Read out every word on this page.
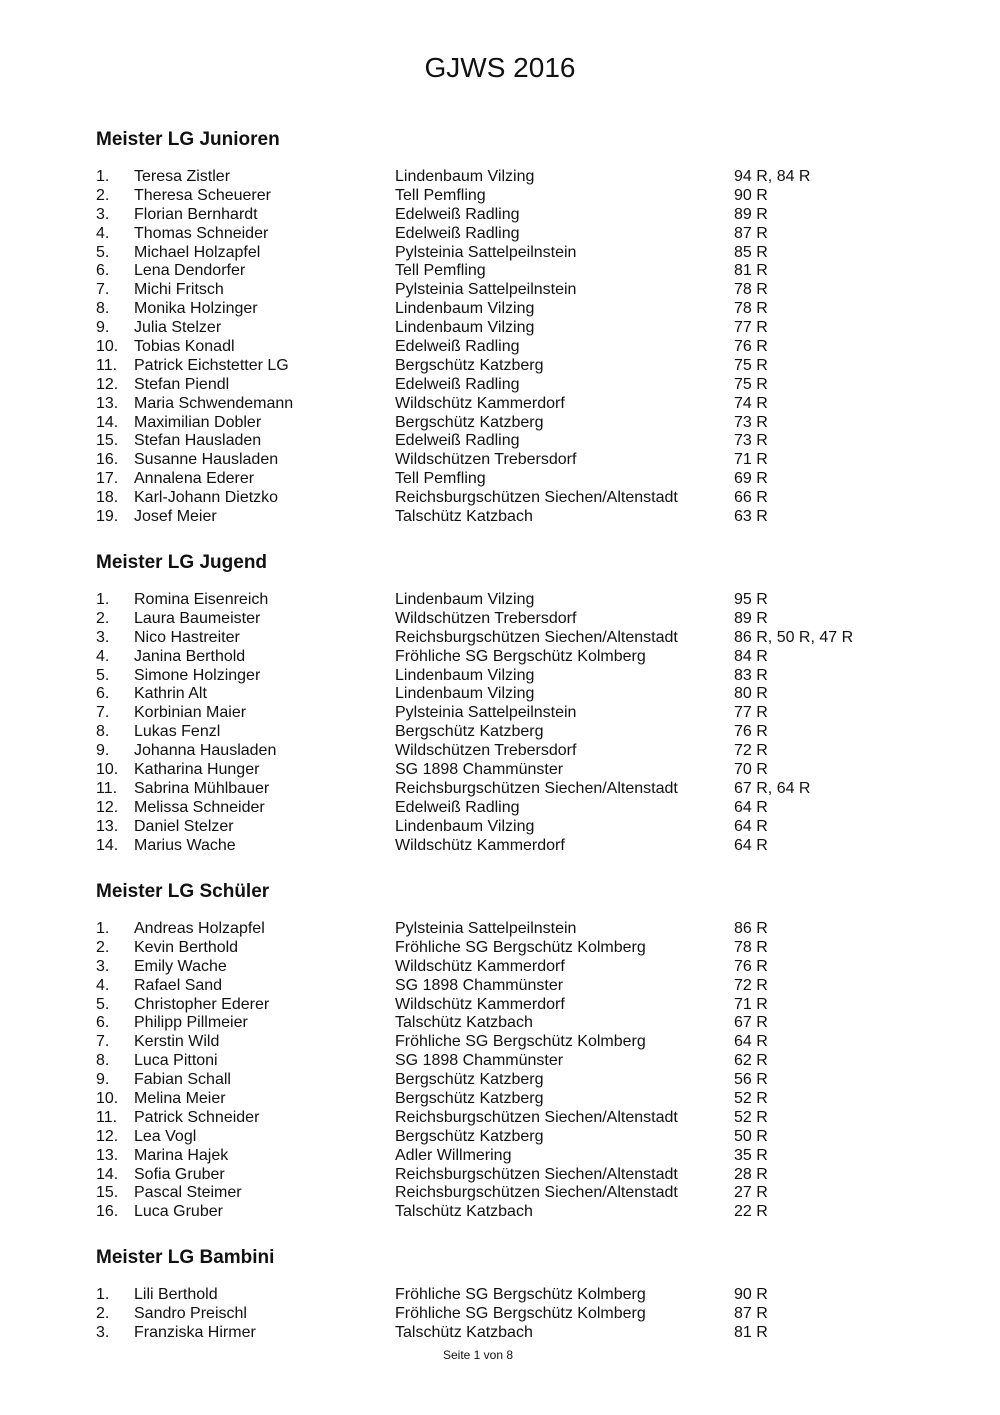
GJWS 2016
Meister LG Junioren
1. Teresa Zistler	Lindenbaum Vilzing	94 R, 84 R
2. Theresa Scheuerer	Tell Pemfling	90 R
3. Florian Bernhardt	Edelweiß Radling	89 R
4. Thomas Schneider	Edelweiß Radling	87 R
5. Michael Holzapfel	Pylsteinia Sattelpeilnstein	85 R
6. Lena Dendorfer	Tell Pemfling	81 R
7. Michi Fritsch	Pylsteinia Sattelpeilnstein	78 R
8. Monika Holzinger	Lindenbaum Vilzing	78 R
9. Julia Stelzer	Lindenbaum Vilzing	77 R
10. Tobias Konadl	Edelweiß Radling	76 R
11. Patrick Eichstetter LG	Bergschütz Katzberg	75 R
12. Stefan Piendl	Edelweiß Radling	75 R
13. Maria Schwendemann	Wildschütz Kammerdorf	74 R
14. Maximilian Dobler	Bergschütz Katzberg	73 R
15. Stefan Hausladen	Edelweiß Radling	73 R
16. Susanne Hausladen	Wildschützen Trebersdorf	71 R
17. Annalena Ederer	Tell Pemfling	69 R
18. Karl-Johann Dietzko	Reichsburgschützen Siechen/Altenstadt	66 R
19. Josef Meier	Talschütz Katzbach	63 R
Meister LG Jugend
1. Romina Eisenreich	Lindenbaum Vilzing	95 R
2. Laura Baumeister	Wildschützen Trebersdorf	89 R
3. Nico Hastreiter	Reichsburgschützen Siechen/Altenstadt	86 R, 50 R, 47 R
4. Janina Berthold	Fröhliche SG Bergschütz Kolmberg	84 R
5. Simone Holzinger	Lindenbaum Vilzing	83 R
6. Kathrin Alt	Lindenbaum Vilzing	80 R
7. Korbinian Maier	Pylsteinia Sattelpeilnstein	77 R
8. Lukas Fenzl	Bergschütz Katzberg	76 R
9. Johanna Hausladen	Wildschützen Trebersdorf	72 R
10. Katharina Hunger	SG 1898 Chammünster	70 R
11. Sabrina Mühlbauer	Reichsburgschützen Siechen/Altenstadt	67 R, 64 R
12. Melissa Schneider	Edelweiß Radling	64 R
13. Daniel Stelzer	Lindenbaum Vilzing	64 R
14. Marius Wache	Wildschütz Kammerdorf	64 R
Meister LG Schüler
1. Andreas Holzapfel	Pylsteinia Sattelpeilnstein	86 R
2. Kevin Berthold	Fröhliche SG Bergschütz Kolmberg	78 R
3. Emily Wache	Wildschütz Kammerdorf	76 R
4. Rafael Sand	SG 1898 Chammünster	72 R
5. Christopher Ederer	Wildschütz Kammerdorf	71 R
6. Philipp Pillmeier	Talschütz Katzbach	67 R
7. Kerstin Wild	Fröhliche SG Bergschütz Kolmberg	64 R
8. Luca Pittoni	SG 1898 Chammünster	62 R
9. Fabian Schall	Bergschütz Katzberg	56 R
10. Melina Meier	Bergschütz Katzberg	52 R
11. Patrick Schneider	Reichsburgschützen Siechen/Altenstadt	52 R
12. Lea Vogl	Bergschütz Katzberg	50 R
13. Marina Hajek	Adler Willmering	35 R
14. Sofia Gruber	Reichsburgschützen Siechen/Altenstadt	28 R
15. Pascal Steimer	Reichsburgschützen Siechen/Altenstadt	27 R
16. Luca Gruber	Talschütz Katzbach	22 R
Meister LG Bambini
1. Lili Berthold	Fröhliche SG Bergschütz Kolmberg	90 R
2. Sandro Preischl	Fröhliche SG Bergschütz Kolmberg	87 R
3. Franziska Hirmer	Talschütz Katzbach	81 R
Seite 1 von 8
